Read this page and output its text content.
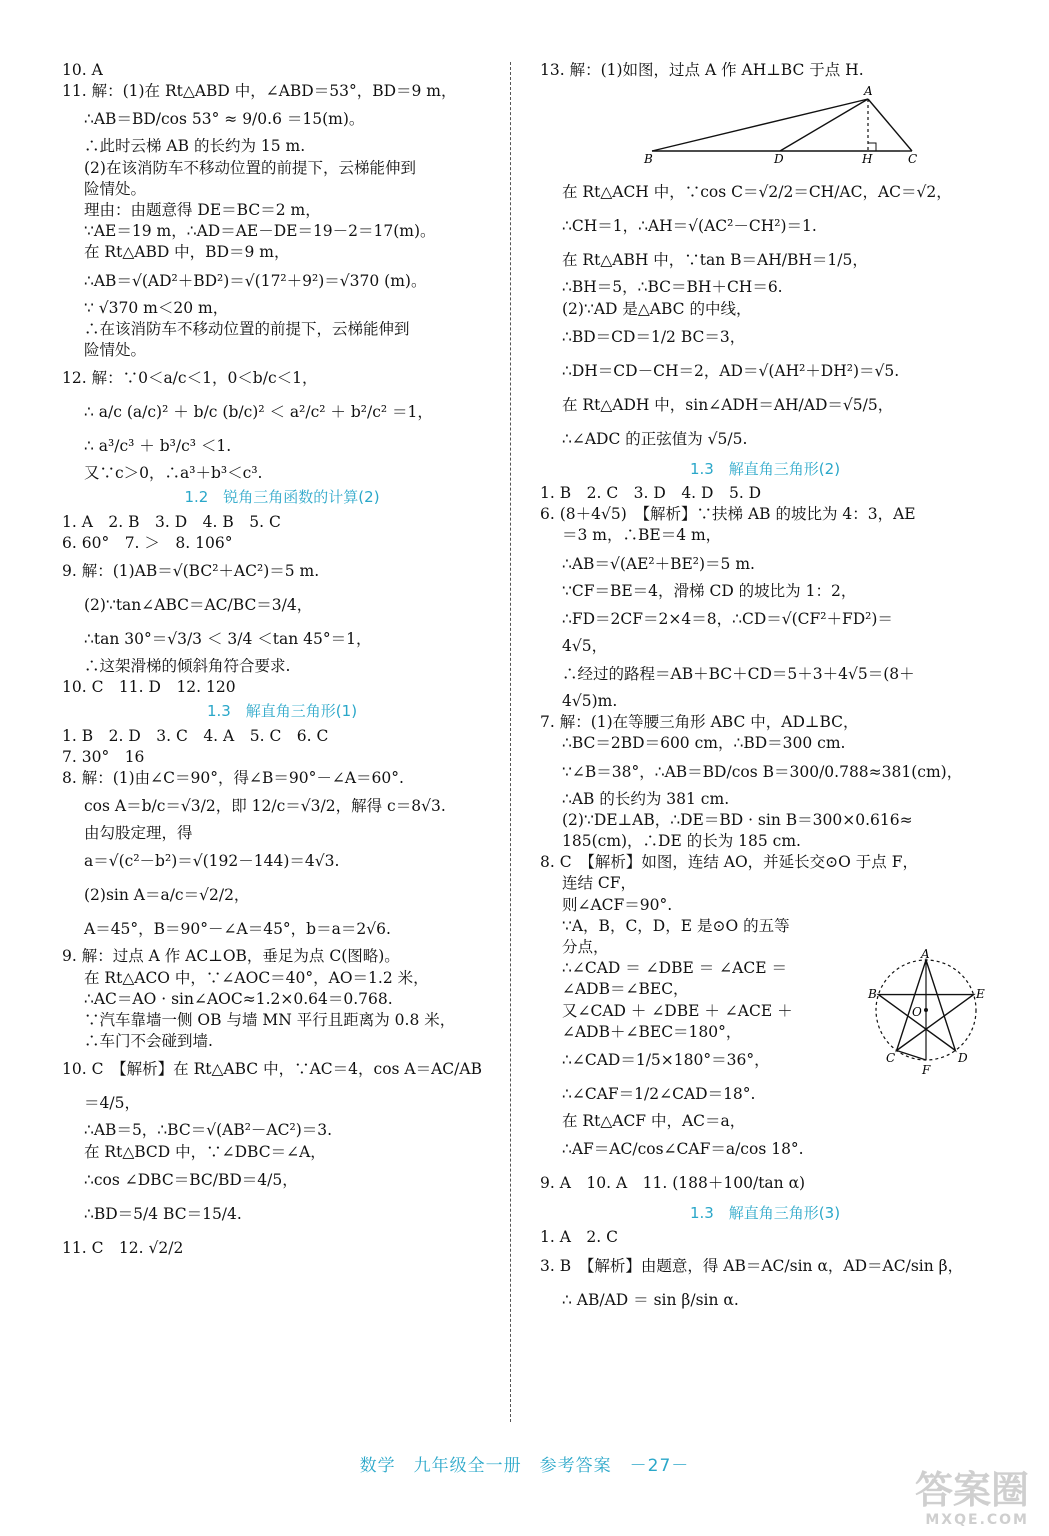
10. A
11. 解：(1)在 Rt△ABD 中，∠ABD＝53°，BD＝9 m，
∴AB＝BD/cos 53° ≈ 9/0.6 ＝15(m)。
∴此时云梯 AB 的长约为 15 m.
(2)在该消防车不移动位置的前提下，云梯能伸到
险情处。
理由：由题意得 DE＝BC＝2 m，
∵AE＝19 m，∴AD＝AE－DE＝19－2＝17(m)。
在 Rt△ABD 中，BD＝9 m，
∴AB＝√(AD²＋BD²)＝√(17²＋9²)＝√370 (m)。
∵ √370 m＜20 m，
∴在该消防车不移动位置的前提下，云梯能伸到
险情处。
12. 解：∵0＜a/c＜1，0＜b/c＜1，
∴ a/c (a/c)² ＋ b/c (b/c)² ＜ a²/c² ＋ b²/c² ＝1，
∴ a³/c³ ＋ b³/c³ ＜1.
又∵c＞0，∴a³＋b³＜c³.
1.2　锐角三角函数的计算(2)
1. A　2. B　3. D　4. B　5. C
6. 60°　7. ＞　8. 106°
9. 解：(1)AB＝√(BC²＋AC²)＝5 m.
(2)∵tan∠ABC＝AC/BC＝3/4，
∴tan 30°＝√3/3 ＜ 3/4 ＜tan 45°＝1，
∴这架滑梯的倾斜角符合要求.
10. C　11. D　12. 120
1.3　解直角三角形(1)
1. B　2. D　3. C　4. A　5. C　6. C
7. 30°　16
8. 解：(1)由∠C＝90°，得∠B＝90°－∠A＝60°.
cos A＝b/c＝√3/2，即 12/c＝√3/2，解得 c＝8√3.
由勾股定理，得
a＝√(c²－b²)＝√(192－144)＝4√3.
(2)sin A＝a/c＝√2/2，
A＝45°，B＝90°－∠A＝45°，b＝a＝2√6.
9. 解：过点 A 作 AC⊥OB，垂足为点 C(图略)。
在 Rt△ACO 中，∵∠AOC＝40°，AO＝1.2 米，
∴AC＝AO · sin∠AOC≈1.2×0.64＝0.768.
∵汽车靠墙一侧 OB 与墙 MN 平行且距离为 0.8 米，
∴车门不会碰到墙.
10. C　【解析】在 Rt△ABC 中，∵AC＝4，cos A＝AC/AB
＝4/5，
∴AB＝5，∴BC＝√(AB²－AC²)＝3.
在 Rt△BCD 中，∵∠DBC＝∠A，
∴cos ∠DBC＝BC/BD＝4/5，
∴BD＝5/4 BC＝15/4.
11. C　12. √2/2
13. 解：(1)如图，过点 A 作 AH⊥BC 于点 H.
A
B	D	H	C
在 Rt△ACH 中，∵cos C＝√2/2＝CH/AC，AC＝√2，
∴CH＝1，∴AH＝√(AC²－CH²)＝1.
在 Rt△ABH 中，∵tan B＝AH/BH＝1/5，
∴BH＝5，∴BC＝BH＋CH＝6.
(2)∵AD 是△ABC 的中线，
∴BD＝CD＝1/2 BC＝3，
∴DH＝CD－CH＝2，AD＝√(AH²＋DH²)＝√5.
在 Rt△ADH 中，sin∠ADH＝AH/AD＝√5/5，
∴∠ADC 的正弦值为 √5/5.
1.3　解直角三角形(2)
1. B　2. C　3. D　4. D　5. D
6. (8＋4√5)　【解析】∵扶梯 AB 的坡比为 4：3，AE
＝3 m，∴BE＝4 m，
∴AB＝√(AE²＋BE²)＝5 m.
∵CF＝BE＝4，滑梯 CD 的坡比为 1：2，
∴FD＝2CF＝2×4＝8，∴CD＝√(CF²＋FD²)＝
4√5，
∴经过的路程＝AB＋BC＋CD＝5＋3＋4√5＝(8＋
4√5)m.
7. 解：(1)在等腰三角形 ABC 中，AD⊥BC，
∴BC＝2BD＝600 cm，∴BD＝300 cm.
∵∠B＝38°，∴AB＝BD/cos B＝300/0.788≈381(cm)，
∴AB 的长约为 381 cm.
(2)∵DE⊥AB，∴DE＝BD · sin B＝300×0.616≈
185(cm)，∴DE 的长为 185 cm.
8. C　【解析】如图，连结 AO，并延长交⊙O 于点 F，
连结 CF，
则∠ACF＝90°.
∵A，B，C，D，E 是⊙O 的五等
分点，
∴∠CAD ＝ ∠DBE ＝ ∠ACE ＝
∠ADB＝∠BEC，
又∠CAD ＋ ∠DBE ＋ ∠ACE ＋
∠ADB＋∠BEC＝180°，
∴∠CAD＝1/5×180°＝36°，
∴∠CAF＝1/2∠CAD＝18°.
在 Rt△ACF 中，AC＝a，
∴AF＝AC/cos∠CAF＝a/cos 18°.
9. A　10. A　11. (188＋100/tan α)
1.3　解直角三角形(3)
1. A　2. C
3. B　【解析】由题意，得 AB＝AC/sin α，AD＝AC/sin β，
∴ AB/AD ＝ sin β/sin α.
A
B	E
O
C	D
F
数学　九年级全一册　参考答案　－27－
答案圈
MXQE.COM
